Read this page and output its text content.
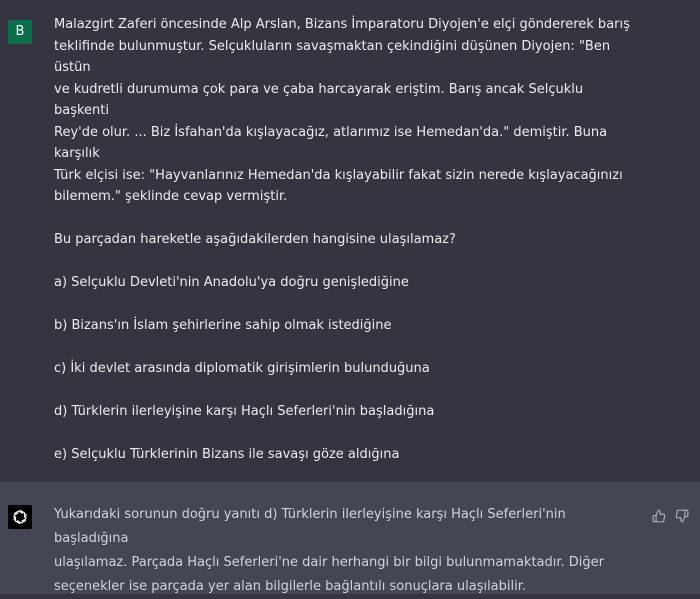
B	Malazgirt Zaferi öncesinde Alp Arslan, Bizans İmparatoru Diyojen'e elçi göndererek barış

teklifinde bulunmuştur. Selçukluların savaşmaktan çekindiğini düşünen Diyojen: "Ben üstün

ve kudretli durumuma çok para ve çaba harcayarak eriştim. Barış ancak Selçuklu başkenti

Rey'de olur. ... Biz İsfahan'da kışlayacağız, atlarımız ise Hemedan'da." demiştir. Buna karşılık

Türk elçisi ise: "Hayvanlarınız Hemedan'da kışlayabilir fakat sizin nerede kışlayacağınızı

bilemem." şeklinde cevap vermiştir.

Bu parçadan hareketle aşağıdakilerden hangisine ulaşılamaz?

a) Selçuklu Devleti'nin Anadolu'ya doğru genişlediğine

b) Bizans'ın İslam şehirlerine sahip olmak istediğine

c) İki devlet arasında diplomatik girişimlerin bulunduğuna

d) Türklerin ilerleyişine karşı Haçlı Seferleri'nin başladığına

e) Selçuklu Türklerinin Bizans ile savaşı göze aldığına

Yukarıdaki sorunun doğru yanıtı d) Türklerin ilerleyişine karşı Haçlı Seferleri'nin başladığına

ulaşılamaz. Parçada Haçlı Seferleri'ne dair herhangi bir bilgi bulunmamaktadır. Diğer

seçenekler ise parçada yer alan bilgilerle bağlantılı sonuçlara ulaşılabilir.
